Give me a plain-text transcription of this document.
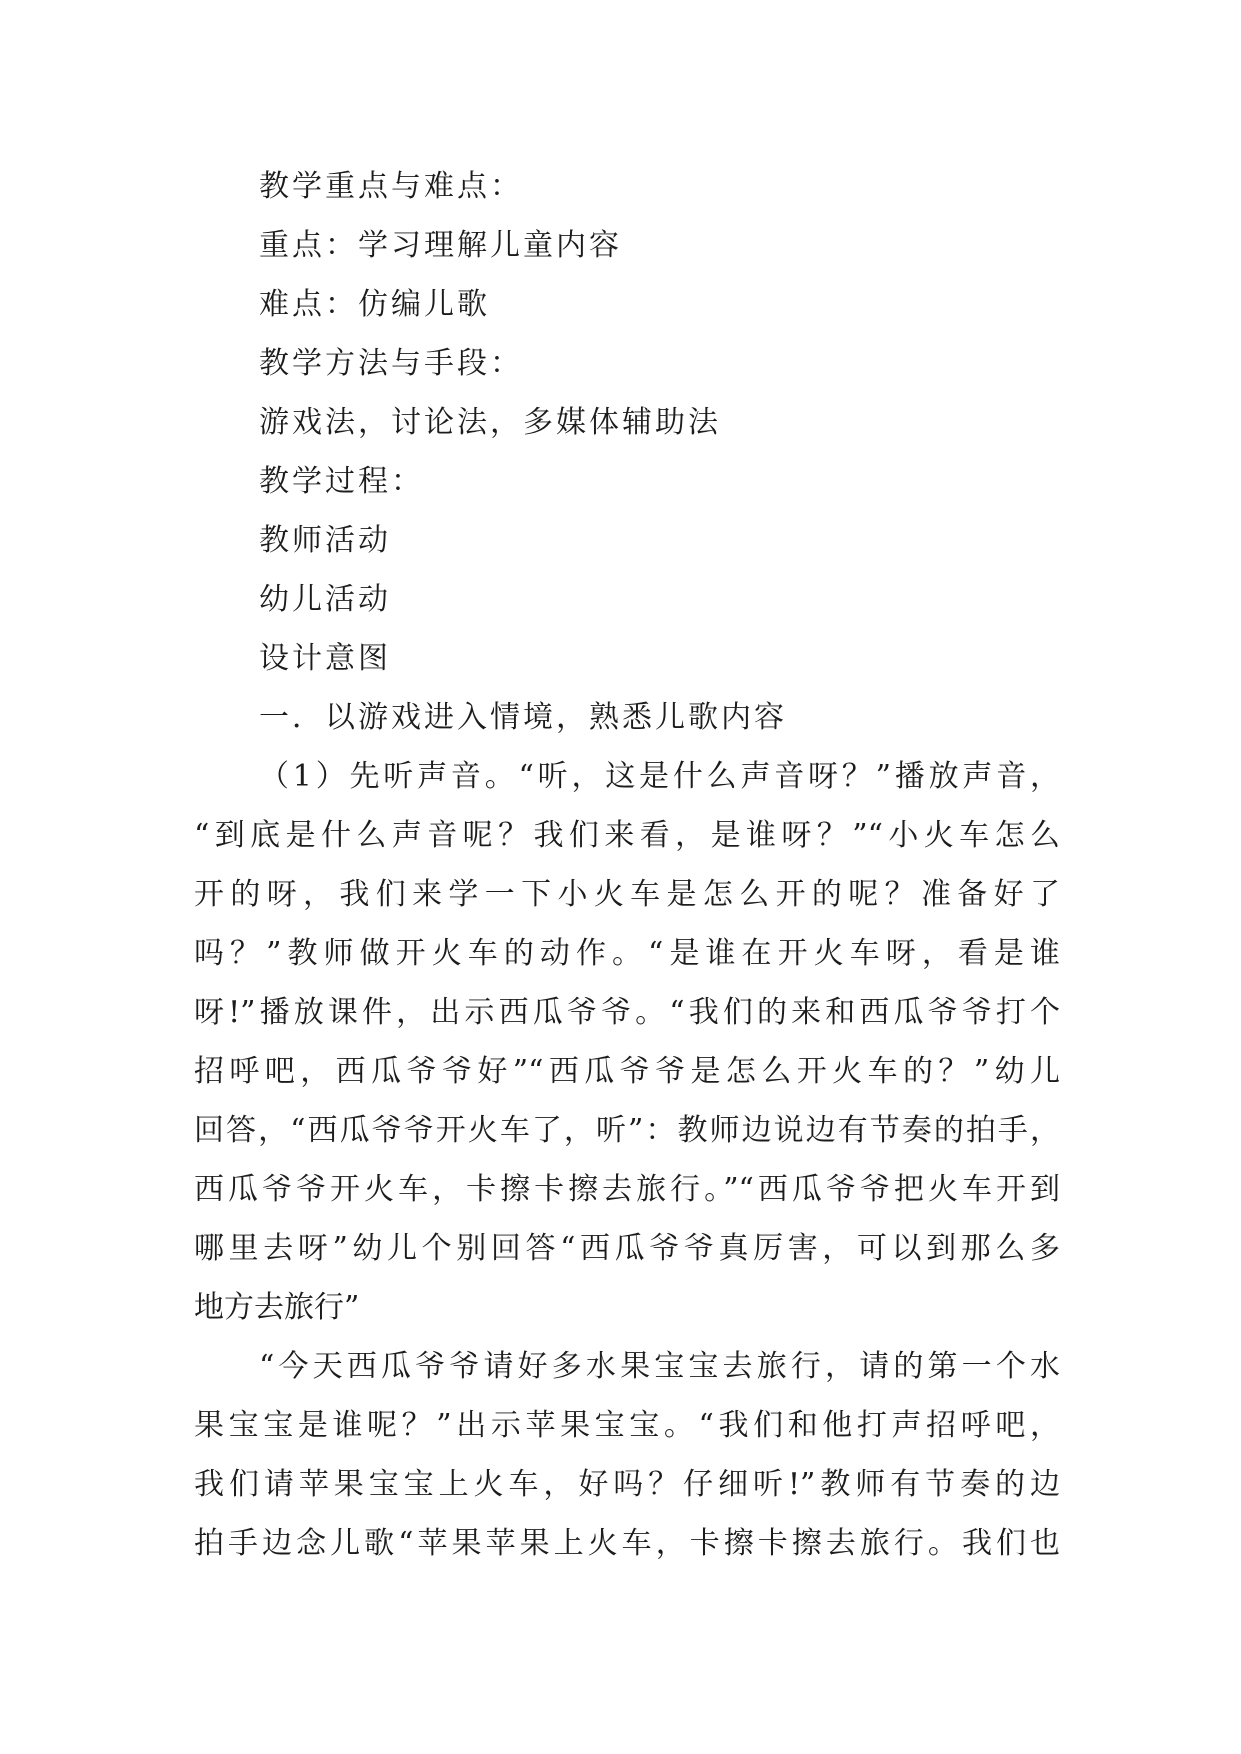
教学重点与难点：
重点：学习理解儿童内容
难点：仿编儿歌
教学方法与手段：
游戏法，讨论法，多媒体辅助法
教学过程：
教师活动
幼儿活动
设计意图
一．以游戏进入情境，熟悉儿歌内容
（1）先听声音。“听，这是什么声音呀？”播放声音，
“到底是什么声音呢？我们来看，是谁呀？”“小火车怎么
开的呀，我们来学一下小火车是怎么开的呢？准备好了
吗？”教师做开火车的动作。“是谁在开火车呀，看是谁
呀!”播放课件，出示西瓜爷爷。“我们的来和西瓜爷爷打个
招呼吧，西瓜爷爷好”“西瓜爷爷是怎么开火车的？”幼儿
回答，“西瓜爷爷开火车了，听”：教师边说边有节奏的拍手，
西瓜爷爷开火车，卡擦卡擦去旅行。”“西瓜爷爷把火车开到
哪里去呀”幼儿个别回答“西瓜爷爷真厉害，可以到那么多
地方去旅行”
“今天西瓜爷爷请好多水果宝宝去旅行，请的第一个水
果宝宝是谁呢？”出示苹果宝宝。“我们和他打声招呼吧，
我们请苹果宝宝上火车，好吗？仔细听!”教师有节奏的边
拍手边念儿歌“苹果苹果上火车，卡擦卡擦去旅行。我们也
